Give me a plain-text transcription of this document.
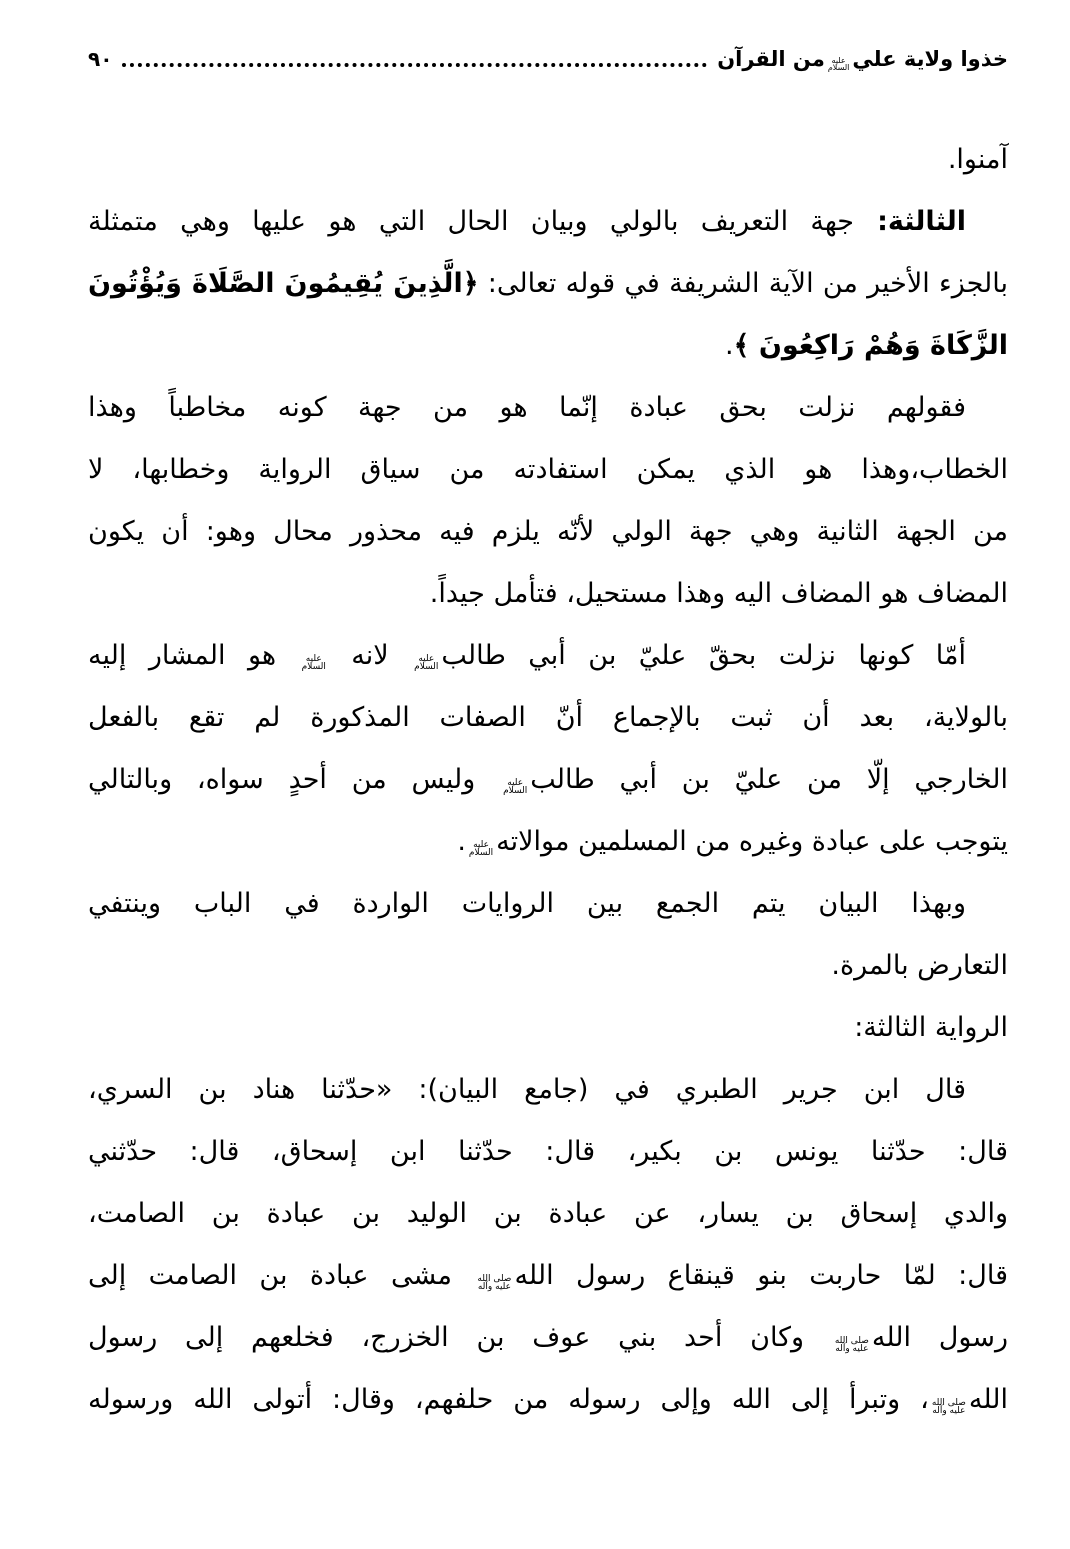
خذوا ولاية علي
عليه
السلام
من القرآن
٩٠
آمنوا.
الثالثة: جهة التعريف بالولي وبيان الحال التي هو عليها وهي متمثلة
بالجزء الأخير من الآية الشريفة في قوله تعالى: ﴿الَّذِينَ يُقِيمُونَ الصَّلَاةَ وَيُؤْتُونَ
الزَّكَاةَ وَهُمْ رَاكِعُونَ ﴾.
فقولهم نزلت بحق عبادة إنّما هو من جهة كونه مخاطباً وهذا
الخطاب،وهذا هو الذي يمكن استفادته من سياق الرواية وخطابها، لا
من الجهة الثانية وهي جهة الولي لأنّه يلزم فيه محذور محال وهو: أن يكون
المضاف هو المضاف اليه وهذا مستحيل، فتأمل جيداً.
أمّا كونها نزلت بحقّ عليّ بن أبي طالب
عليه
السلام
لانه
عليه
السلام
هو المشار إليه
بالولاية، بعد أن ثبت بالإجماع أنّ الصفات المذكورة لم تقع بالفعل
الخارجي إلّا من عليّ بن أبي طالب
عليه
السلام
وليس من أحدٍ سواه، وبالتالي
يتوجب على عبادة وغيره من المسلمين موالاته
عليه
السلام
.
وبهذا البيان يتم الجمع بين الروايات الواردة في الباب وينتفي
التعارض بالمرة.
الرواية الثالثة:
قال ابن جرير الطبري في (جامع البيان): «حدّثنا هناد بن السري،
قال: حدّثنا يونس بن بكير، قال: حدّثنا ابن إسحاق، قال: حدّثني
والدي إسحاق بن يسار، عن عبادة بن الوليد بن عبادة بن الصامت،
قال: لمّا حاربت بنو قينقاع رسول الله
صلى الله
عليه وآله
مشى عبادة بن الصامت إلى
رسول الله
صلى الله
عليه وآله
وكان أحد بني عوف بن الخزرج، فخلعهم إلى رسول
الله
صلى الله
عليه وآله
، وتبرأ إلى الله وإلى رسوله من حلفهم، وقال: أتولى الله ورسوله
